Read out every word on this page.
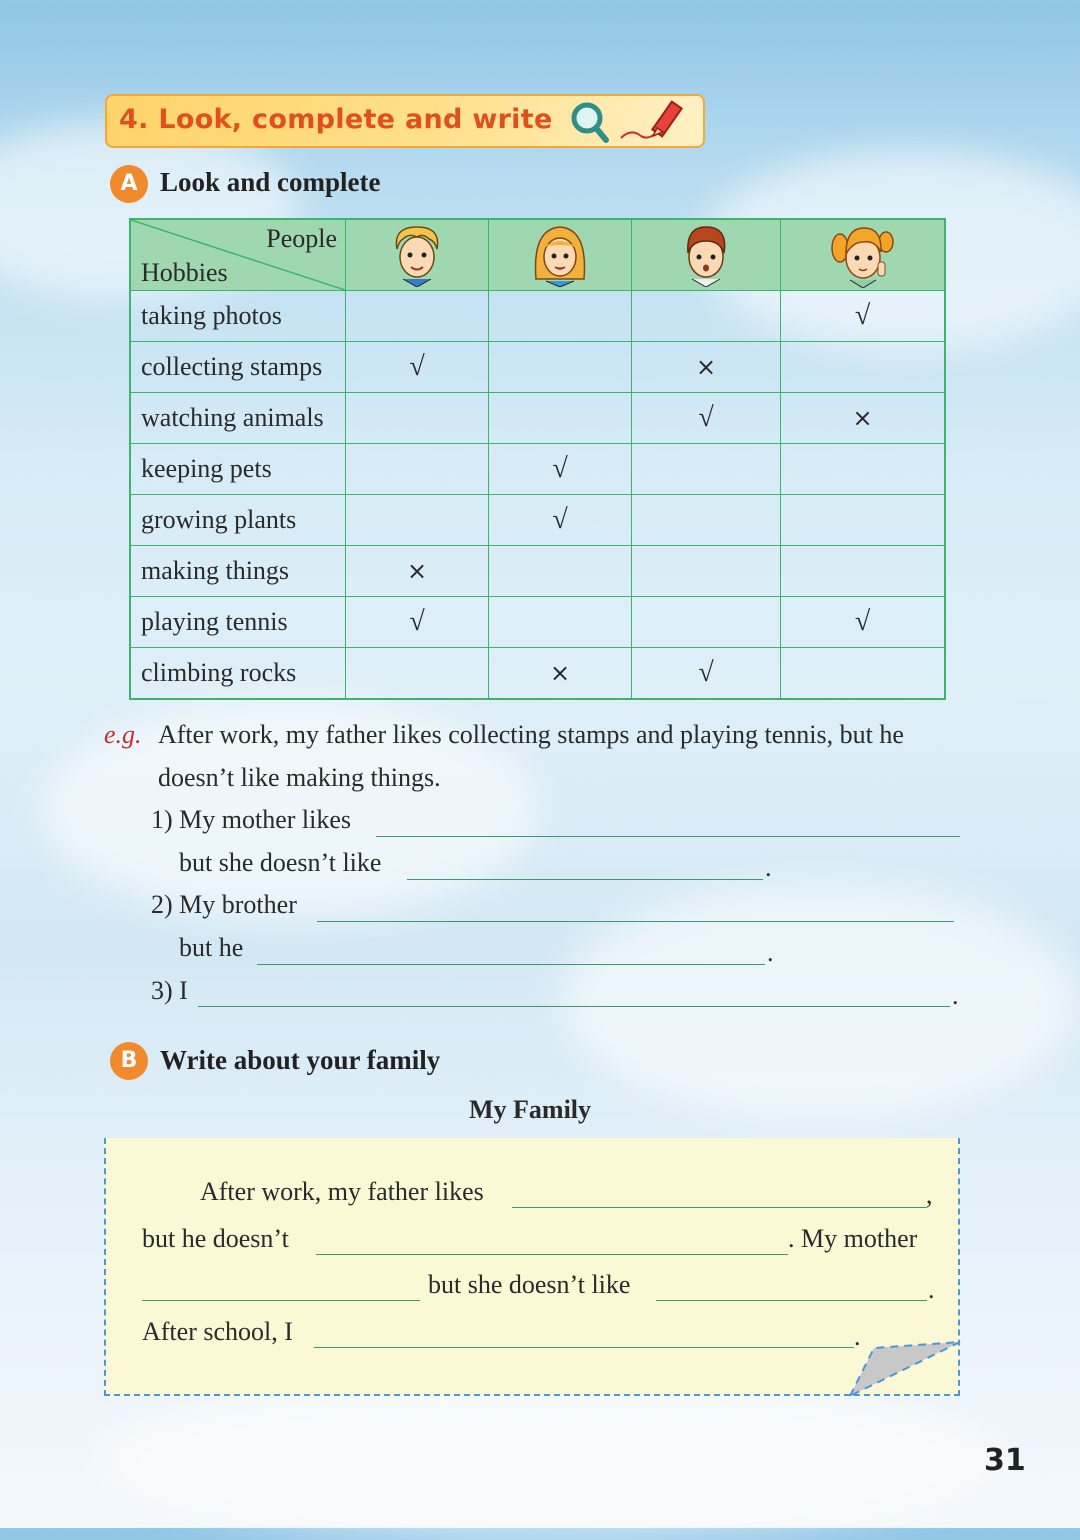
4. Look, complete and write
A Look and complete
People
Hobbies

taking photos				√
collecting stamps	√		×	
watching animals			√	×
keeping pets		√		
growing plants		√		
making things	×			
playing tennis	√			√
climbing rocks		×	√	
e.g. After work, my father likes collecting stamps and playing tennis, but he
doesn’t like making things.
1) My mother likes
but she doesn’t like	.
2) My brother
but he	.
3) I	.
B Write about your family
My Family
After work, my father likes	,
but he doesn’t	. My mother
but she doesn’t like	.
After school, I	.
31
